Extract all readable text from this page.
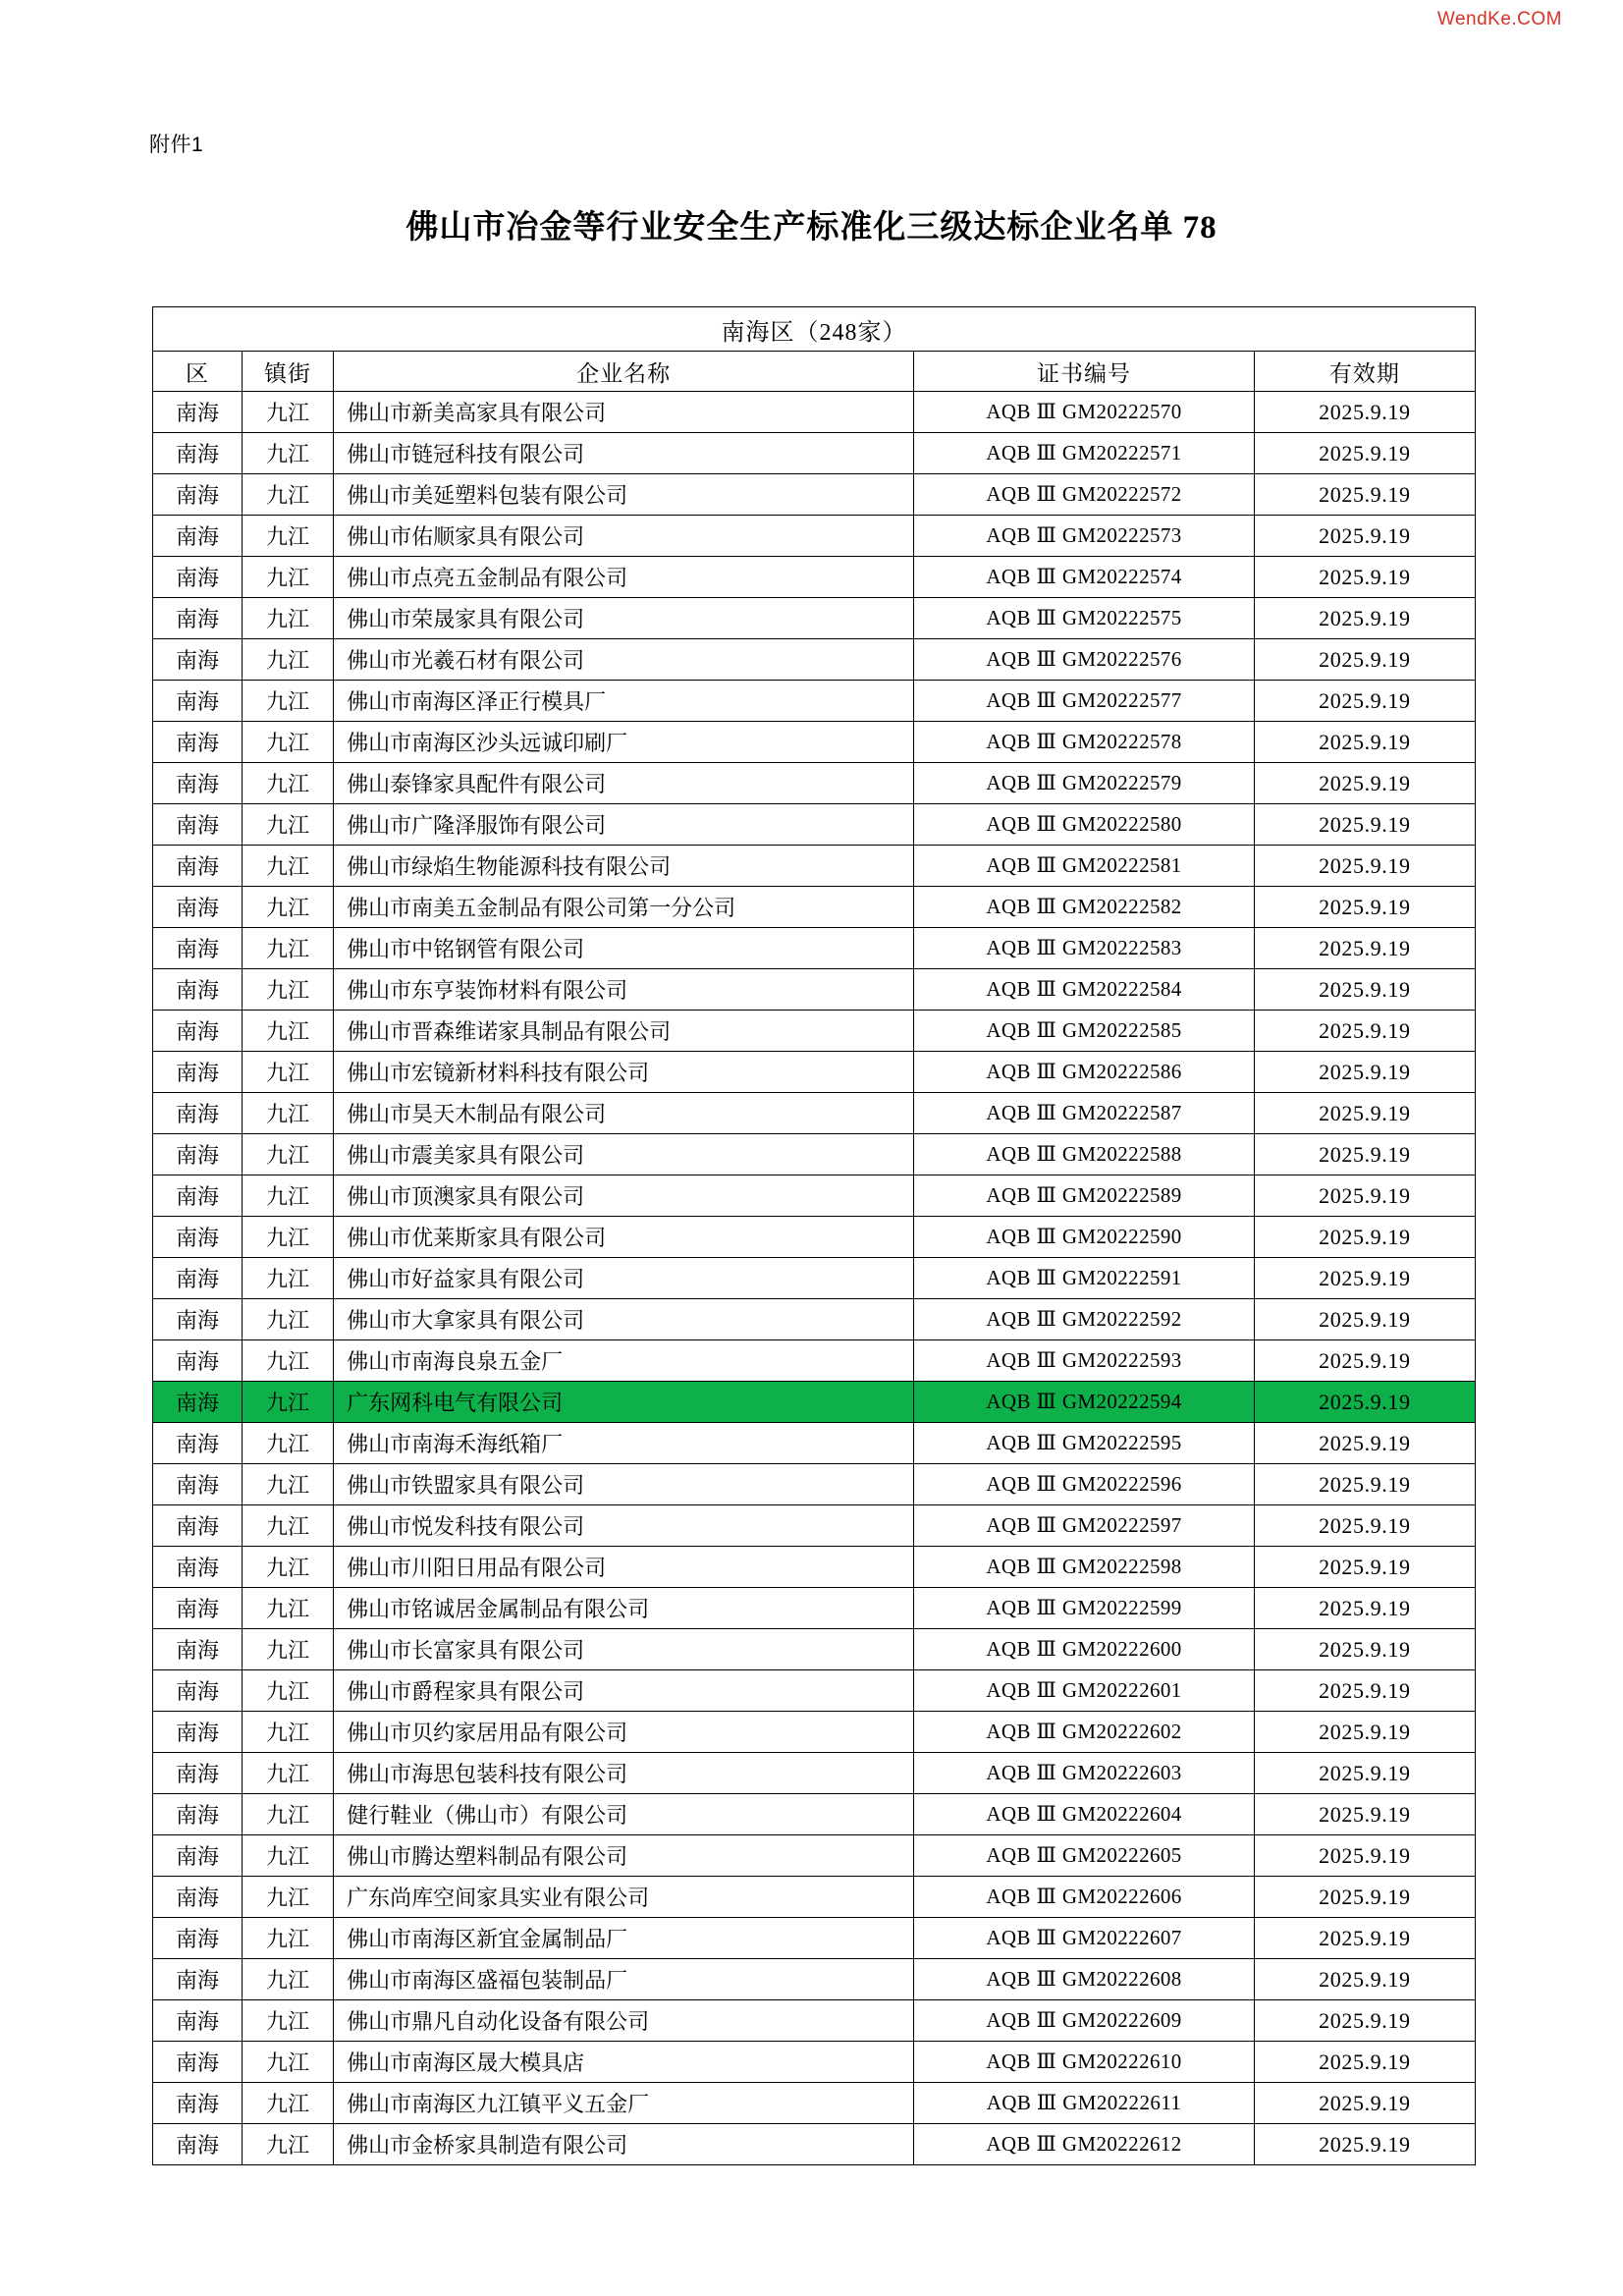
WendKe.COM
附件1
佛山市冶金等行业安全生产标准化三级达标企业名单 78
南海区（248家）				
区	镇街	企业名称	证书编号	有效期
南海	九江	佛山市新美高家具有限公司	AQB Ⅲ GM20222570	2025.9.19
南海	九江	佛山市链冠科技有限公司	AQB Ⅲ GM20222571	2025.9.19
南海	九江	佛山市美延塑料包装有限公司	AQB Ⅲ GM20222572	2025.9.19
南海	九江	佛山市佑顺家具有限公司	AQB Ⅲ GM20222573	2025.9.19
南海	九江	佛山市点亮五金制品有限公司	AQB Ⅲ GM20222574	2025.9.19
南海	九江	佛山市荣晟家具有限公司	AQB Ⅲ GM20222575	2025.9.19
南海	九江	佛山市光羲石材有限公司	AQB Ⅲ GM20222576	2025.9.19
南海	九江	佛山市南海区泽正行模具厂	AQB Ⅲ GM20222577	2025.9.19
南海	九江	佛山市南海区沙头远诚印刷厂	AQB Ⅲ GM20222578	2025.9.19
南海	九江	佛山泰锋家具配件有限公司	AQB Ⅲ GM20222579	2025.9.19
南海	九江	佛山市广隆泽服饰有限公司	AQB Ⅲ GM20222580	2025.9.19
南海	九江	佛山市绿焰生物能源科技有限公司	AQB Ⅲ GM20222581	2025.9.19
南海	九江	佛山市南美五金制品有限公司第一分公司	AQB Ⅲ GM20222582	2025.9.19
南海	九江	佛山市中铭钢管有限公司	AQB Ⅲ GM20222583	2025.9.19
南海	九江	佛山市东亨装饰材料有限公司	AQB Ⅲ GM20222584	2025.9.19
南海	九江	佛山市晋森维诺家具制品有限公司	AQB Ⅲ GM20222585	2025.9.19
南海	九江	佛山市宏镜新材料科技有限公司	AQB Ⅲ GM20222586	2025.9.19
南海	九江	佛山市昊天木制品有限公司	AQB Ⅲ GM20222587	2025.9.19
南海	九江	佛山市震美家具有限公司	AQB Ⅲ GM20222588	2025.9.19
南海	九江	佛山市顶澳家具有限公司	AQB Ⅲ GM20222589	2025.9.19
南海	九江	佛山市优莱斯家具有限公司	AQB Ⅲ GM20222590	2025.9.19
南海	九江	佛山市好益家具有限公司	AQB Ⅲ GM20222591	2025.9.19
南海	九江	佛山市大拿家具有限公司	AQB Ⅲ GM20222592	2025.9.19
南海	九江	佛山市南海良泉五金厂	AQB Ⅲ GM20222593	2025.9.19
南海	九江	广东网科电气有限公司	AQB Ⅲ GM20222594	2025.9.19
南海	九江	佛山市南海禾海纸箱厂	AQB Ⅲ GM20222595	2025.9.19
南海	九江	佛山市铁盟家具有限公司	AQB Ⅲ GM20222596	2025.9.19
南海	九江	佛山市悦发科技有限公司	AQB Ⅲ GM20222597	2025.9.19
南海	九江	佛山市川阳日用品有限公司	AQB Ⅲ GM20222598	2025.9.19
南海	九江	佛山市铭诚居金属制品有限公司	AQB Ⅲ GM20222599	2025.9.19
南海	九江	佛山市长富家具有限公司	AQB Ⅲ GM20222600	2025.9.19
南海	九江	佛山市爵程家具有限公司	AQB Ⅲ GM20222601	2025.9.19
南海	九江	佛山市贝约家居用品有限公司	AQB Ⅲ GM20222602	2025.9.19
南海	九江	佛山市海思包装科技有限公司	AQB Ⅲ GM20222603	2025.9.19
南海	九江	健行鞋业（佛山市）有限公司	AQB Ⅲ GM20222604	2025.9.19
南海	九江	佛山市腾达塑料制品有限公司	AQB Ⅲ GM20222605	2025.9.19
南海	九江	广东尚库空间家具实业有限公司	AQB Ⅲ GM20222606	2025.9.19
南海	九江	佛山市南海区新宜金属制品厂	AQB Ⅲ GM20222607	2025.9.19
南海	九江	佛山市南海区盛福包装制品厂	AQB Ⅲ GM20222608	2025.9.19
南海	九江	佛山市鼎凡自动化设备有限公司	AQB Ⅲ GM20222609	2025.9.19
南海	九江	佛山市南海区晟大模具店	AQB Ⅲ GM20222610	2025.9.19
南海	九江	佛山市南海区九江镇平义五金厂	AQB Ⅲ GM20222611	2025.9.19
南海	九江	佛山市金桥家具制造有限公司	AQB Ⅲ GM20222612	2025.9.19
